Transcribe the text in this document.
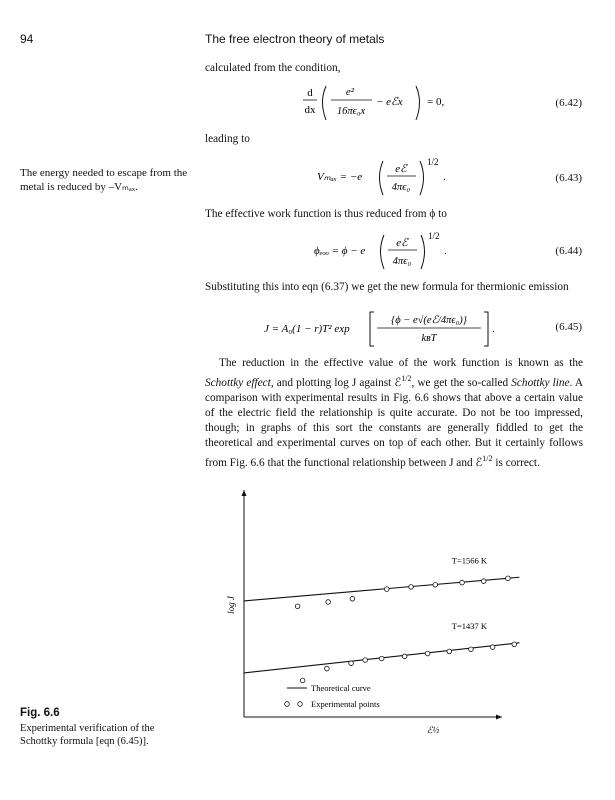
94	The free electron theory of metals
calculated from the condition,
d
dx
e²
16πϵ₀x
− eℰx = 0,	(6.42)
leading to
The energy needed to escape from the metal is reduced by –Vₘₐₓ.
Vₘₐₓ = −e
eℰ
4πϵ₀
1/2
.	(6.43)
The effective work function is thus reduced from ϕ to
ϕₑₒₒ = ϕ − e
eℰ
4πϵ₀
1/2
.	(6.44)
Substituting this into eqn (6.37) we get the new formula for thermionic emission
J = A₀(1 − r)T² exp
{ϕ − e√(eℰ/4πϵ₀)}
kʙT
.	(6.45)
The reduction in the effective value of the work function is known as the Schottky effect, and plotting log J against ℰ$^{1/2}$, we get the so-called Schottky line. A comparison with experimental results in Fig. 6.6 shows that above a certain value of the electric field the relationship is quite accurate. Do not be too impressed, though; in graphs of this sort the constants are generally fiddled to get the theoretical and experimental curves on top of each other. But it certainly follows from Fig. 6.6 that the functional relationship between J and ℰ$^{1/2}$ is correct.
ℰ½
log J
T=1566 K
T=1437 K
Theoretical curve
Experimental points
Fig. 6.6
Experimental verification of the Schottky formula [eqn (6.45)].
